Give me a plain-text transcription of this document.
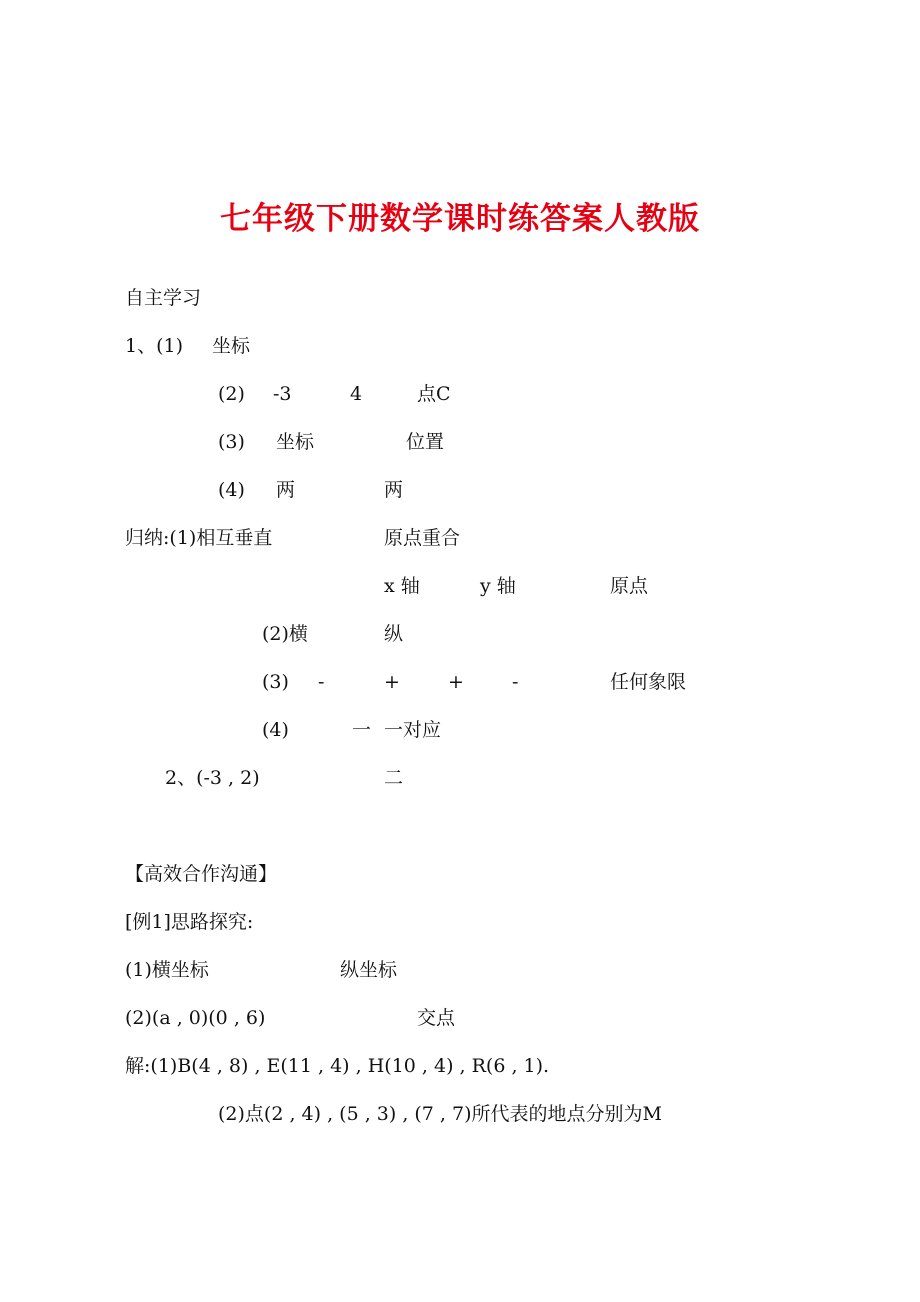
七年级下册数学课时练答案人教版
自主学习
1、(1) 坐标
(2) -3	4	点C
(3) 坐标	位置
(4) 两	两
归纳:(1)相互垂直	原点重合
x 轴	y 轴	原点
(2)横	纵
(3) -	+	+	-	任何象限
(4)	一 一对应
2、(-3 , 2)	二
【高效合作沟通】
[例1]思路探究:
(1)横坐标	纵坐标
(2)(a , 0)(0 , 6)	交点
解:(1)B(4 , 8) , E(11 , 4) , H(10 , 4) , R(6 , 1).
(2)点(2 , 4) , (5 , 3) , (7 , 7)所代表的地点分别为M
